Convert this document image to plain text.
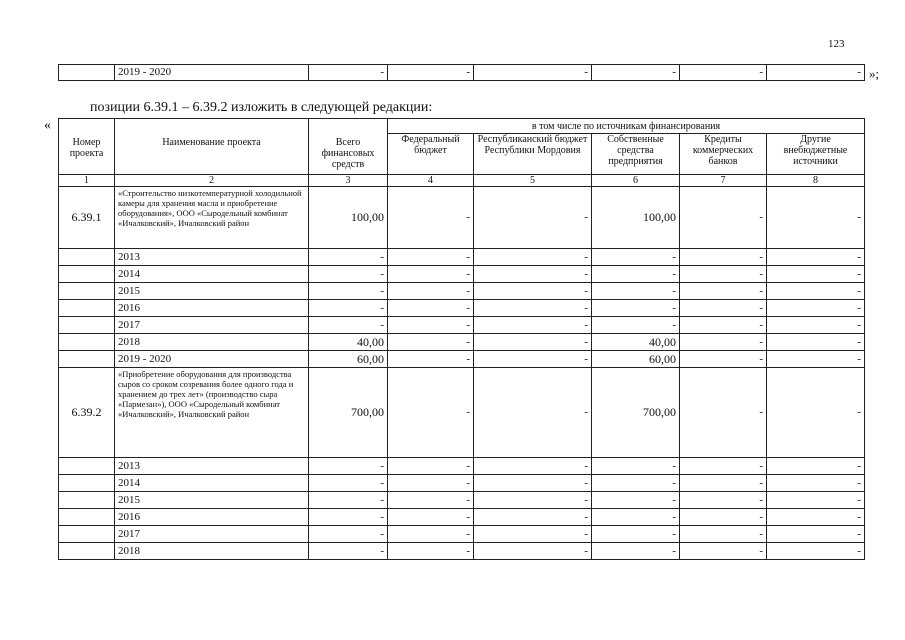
123
	2019 - 2020	-	-	-	-	-	- »;
позиции 6.39.1 – 6.39.2 изложить в следующей редакции:
«
Номер проекта	Наименование проекта	Всего финансовых средств	в том числе по источникам финансирования				
			Федеральный бюджет	Республиканский бюджет Республики Мордовия	Собственные средства предприятия	Кредиты коммерческих банков	Другие внебюджетные источники
1	2	3	4	5	6	7	8
6.39.1	«Строительство низкотемпературной холодильной камеры для хранения масла и приобретение оборудования», ООО «Сыродельный комбинат «Ичалковский», Ичалковский район	100,00	-	-	100,00	-	-
	2013	-	-	-	-	-	-
	2014	-	-	-	-	-	-
	2015	-	-	-	-	-	-
	2016	-	-	-	-	-	-
	2017	-	-	-	-	-	-
	2018	40,00	-	-	40,00	-	-
	2019 - 2020	60,00	-	-	60,00	-	-
6.39.2	«Приобретение оборудования для производства сыров со сроком созревания более одного года и хранением до трех лет» (производство сыра «Пармезан»), ООО «Сыродельный комбинат «Ичалковский», Ичалковский район	700,00	-	-	700,00	-	-
	2013	-	-	-	-	-	-
	2014	-	-	-	-	-	-
	2015	-	-	-	-	-	-
	2016	-	-	-	-	-	-
	2017	-	-	-	-	-	-
	2018	-	-	-	-	-	-
